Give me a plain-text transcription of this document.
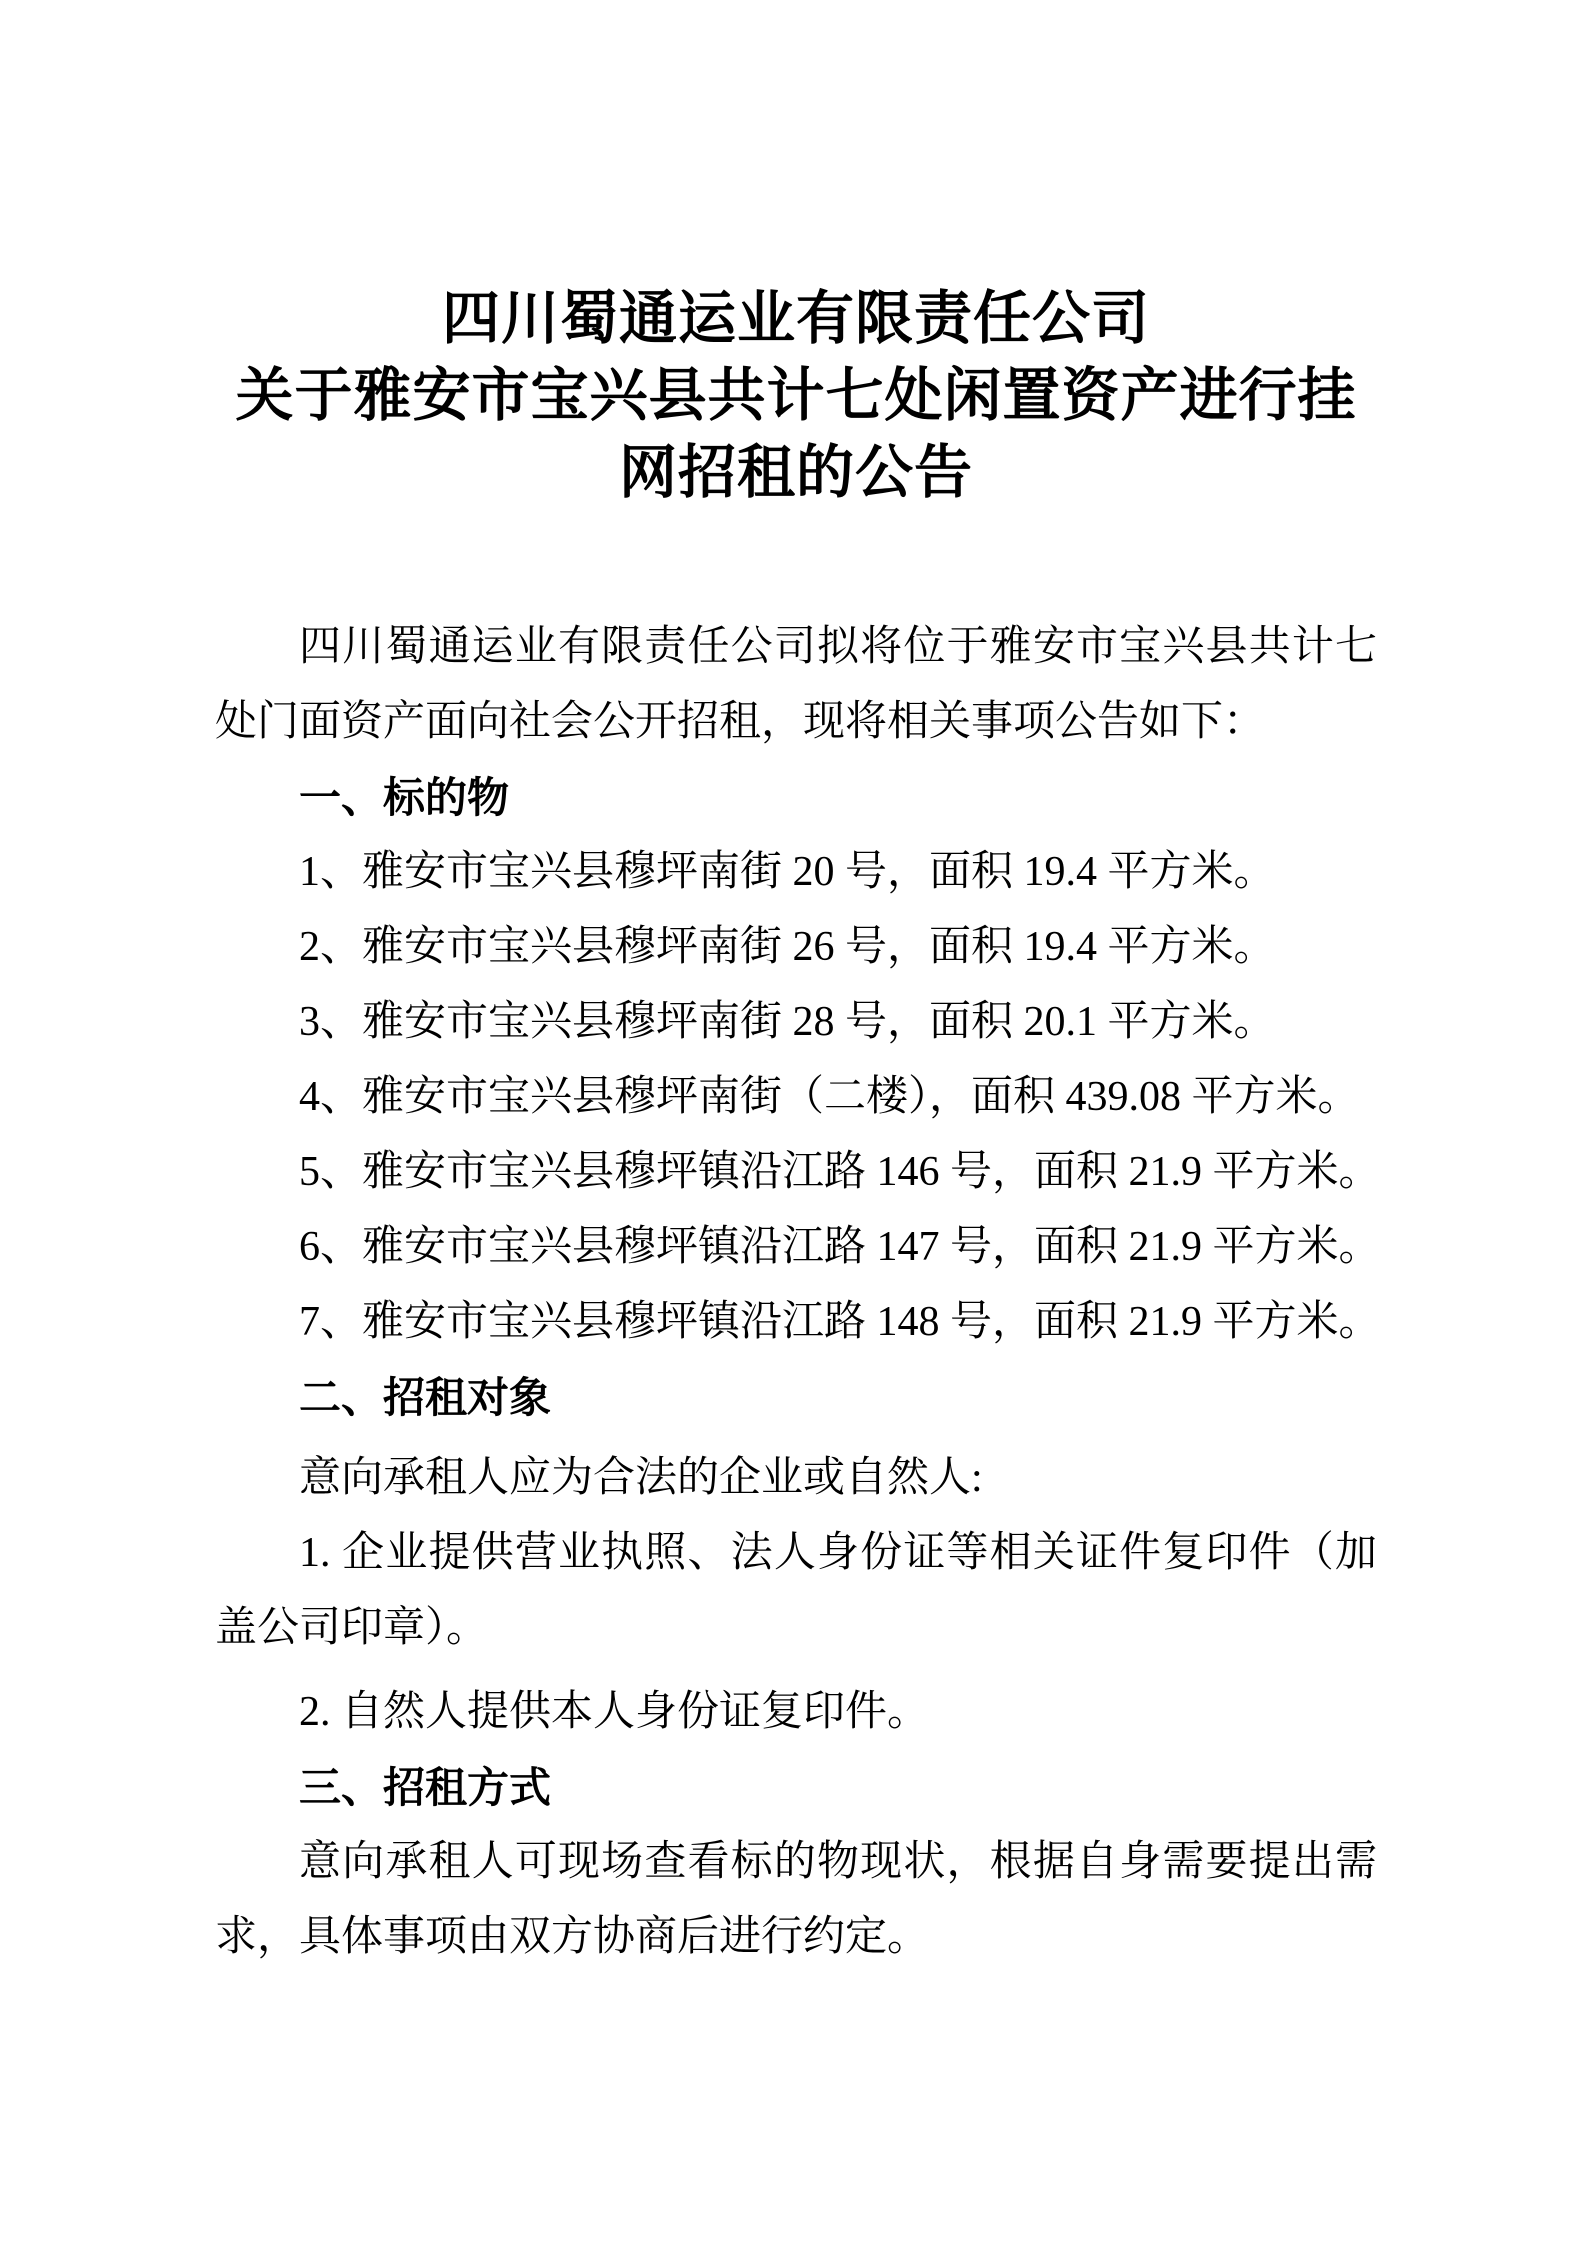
四川蜀通运业有限责任公司
关于雅安市宝兴县共计七处闲置资产进行挂
网招租的公告
四川蜀通运业有限责任公司拟将位于雅安市宝兴县共计七
处门面资产面向社会公开招租，现将相关事项公告如下：
一、标的物
1、雅安市宝兴县穆坪南街 20 号，面积 19.4 平方米。
2、雅安市宝兴县穆坪南街 26 号，面积 19.4 平方米。
3、雅安市宝兴县穆坪南街 28 号，面积 20.1 平方米。
4、雅安市宝兴县穆坪南街（二楼），面积 439.08 平方米。
5、雅安市宝兴县穆坪镇沿江路 146 号，面积 21.9 平方米。
6、雅安市宝兴县穆坪镇沿江路 147 号，面积 21.9 平方米。
7、雅安市宝兴县穆坪镇沿江路 148 号，面积 21.9 平方米。
二、招租对象
意向承租人应为合法的企业或自然人:
1. 企业提供营业执照、法人身份证等相关证件复印件（加
盖公司印章）。
2. 自然人提供本人身份证复印件。
三、招租方式
意向承租人可现场查看标的物现状，根据自身需要提出需
求，具体事项由双方协商后进行约定。
